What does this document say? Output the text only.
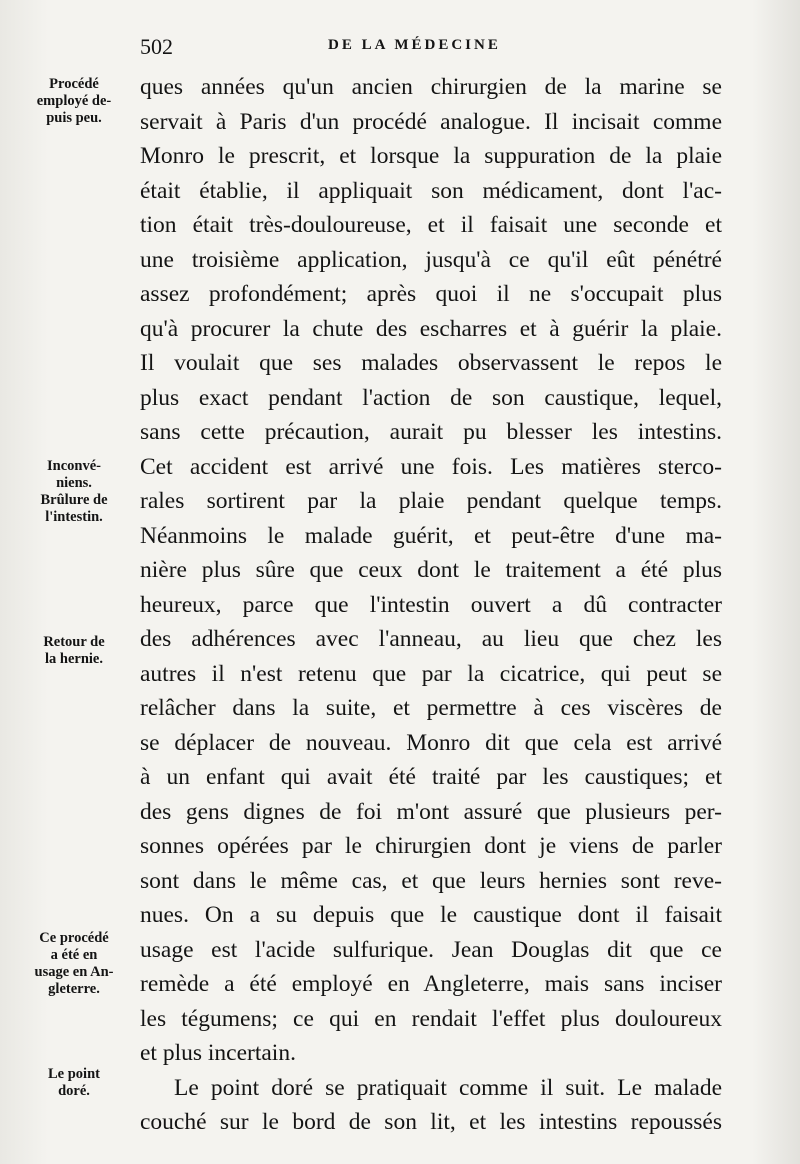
502	DE LA MÉDECINE
Procédé
employé de-
puis peu.
Inconvé-
niens.
Brûlure de
l'intestin.
Retour de
la hernie.
Ce procédé
a été en
usage en An-
gleterre.
Le point
doré.
ques années qu'un ancien chirurgien de la marine se
servait à Paris d'un procédé analogue. Il incisait comme
Monro le prescrit, et lorsque la suppuration de la plaie
était établie, il appliquait son médicament, dont l'ac-
tion était très-douloureuse, et il faisait une seconde et
une troisième application, jusqu'à ce qu'il eût pénétré
assez profondément; après quoi il ne s'occupait plus
qu'à procurer la chute des escharres et à guérir la plaie.
Il voulait que ses malades observassent le repos le
plus exact pendant l'action de son caustique, lequel,
sans cette précaution, aurait pu blesser les intestins.
Cet accident est arrivé une fois. Les matières sterco-
rales sortirent par la plaie pendant quelque temps.
Néanmoins le malade guérit, et peut-être d'une ma-
nière plus sûre que ceux dont le traitement a été plus
heureux, parce que l'intestin ouvert a dû contracter
des adhérences avec l'anneau, au lieu que chez les
autres il n'est retenu que par la cicatrice, qui peut se
relâcher dans la suite, et permettre à ces viscères de
se déplacer de nouveau. Monro dit que cela est arrivé
à un enfant qui avait été traité par les caustiques; et
des gens dignes de foi m'ont assuré que plusieurs per-
sonnes opérées par le chirurgien dont je viens de parler
sont dans le même cas, et que leurs hernies sont reve-
nues. On a su depuis que le caustique dont il faisait
usage est l'acide sulfurique. Jean Douglas dit que ce
remède a été employé en Angleterre, mais sans inciser
les tégumens; ce qui en rendait l'effet plus douloureux
et plus incertain.
Le point doré se pratiquait comme il suit. Le malade
couché sur le bord de son lit, et les intestins repoussés
